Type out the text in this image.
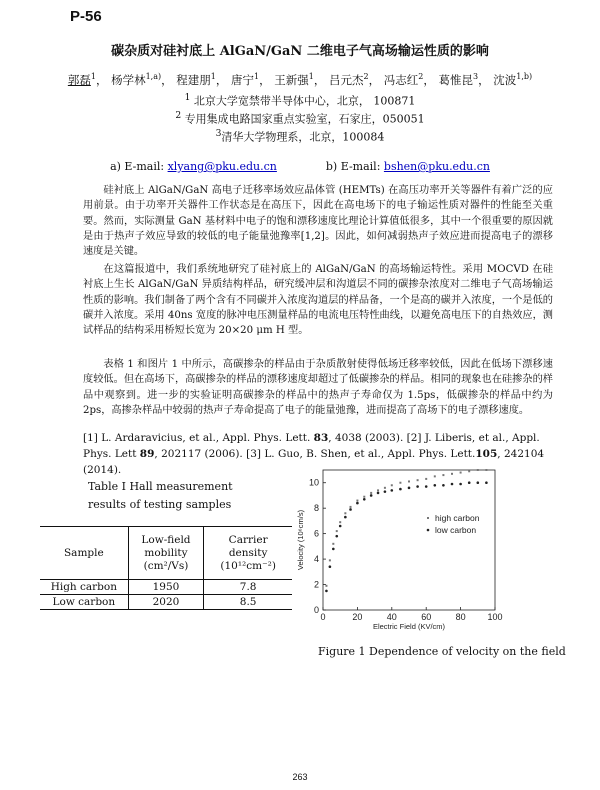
P-56
碳杂质对硅衬底上 AlGaN/GaN 二维电子气高场输运性质的影响
郭磊$^1$， 杨学林$^{1,a)}$， 程建朋$^1$， 唐宁$^1$， 王新强$^1$， 吕元杰$^2$， 冯志红$^2$， 葛惟昆$^3$， 沈波$^{1,b)}$
$^1$ 北京大学宽禁带半导体中心，北京， 100871
$^2$ 专用集成电路国家重点实验室，石家庄，050051
$^3$清华大学物理系，北京，100084
a) E-mail: xlyang@pku.edu.cn	b) E-mail: bshen@pku.edu.cn
硅衬底上 AlGaN/GaN 高电子迁移率场效应晶体管 (HEMTs) 在高压功率开关等器件有着广泛的应用前景。由于功率开关器件工作状态是在高压下，因此在高电场下的电子输运性质对器件的性能至关重要。然而，实际测量 GaN 基材料中电子的饱和漂移速度比理论计算值低很多，其中一个很重要的原因就是由于热声子效应导致的较低的电子能量弛豫率[1,2]。因此，如何减弱热声子效应进而提高电子的漂移速度是关键。
在这篇报道中，我们系统地研究了硅衬底上的 AlGaN/GaN 的高场输运特性。采用 MOCVD 在硅衬底上生长 AlGaN/GaN 异质结构样品，研究缓冲层和沟道层不同的碳掺杂浓度对二维电子气高场输运性质的影响。我们制备了两个含有不同碳并入浓度沟道层的样品备，一个是高的碳并入浓度，一个是低的碳并入浓度。采用 40ns 宽度的脉冲电压测量样品的电流电压特性曲线，以避免高电压下的自热效应，测试样品的结构采用桥短长宽为 20×20 μm H 型。
表格 1 和图片 1 中所示，高碳掺杂的样品由于杂质散射使得低场迁移率较低，因此在低场下漂移速度较低。但在高场下，高碳掺杂的样品的漂移速度却超过了低碳掺杂的样品。相同的现象也在硅掺杂的样品中观察到。进一步的实验证明高碳掺杂的样品中的热声子寿命仅为 1.5ps，低碳掺杂的样品中约为 2ps，高掺杂样品中较弱的热声子寿命提高了电子的能量弛豫，进而提高了高场下的电子漂移速度。
[1] L. Ardaravicius, et al., Appl. Phys. Lett. 83, 4038 (2003). [2] J. Liberis, et al., Appl. Phys. Lett 89, 202117 (2006). [3] L. Guo, B. Shen, et al., Appl. Phys. Lett.105, 242104 (2014).
Table I Hall measurement
results of testing samples
Sample	Low-field
mobility
(cm²/Vs)	Carrier
density
(10¹²cm⁻²)
High carbon	1950	7.8
Low carbon	2020	8.5
0	20	40	60	80 100
0
2
4
6
8
10
Electric Field (KV/cm)
Velocity (10⁶cm/s)	high carbon
low carbon
Figure 1 Dependence of velocity on the field
263
